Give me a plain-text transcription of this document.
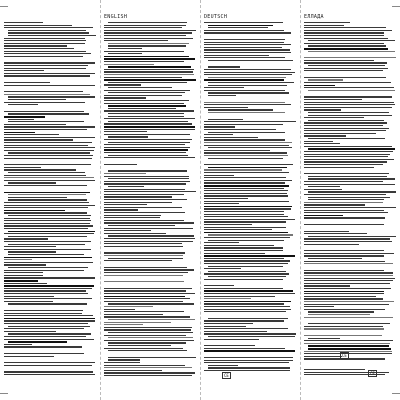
ENGLISH	DEUTSCH	ЕЛЛАДА
CE
CE
CE
